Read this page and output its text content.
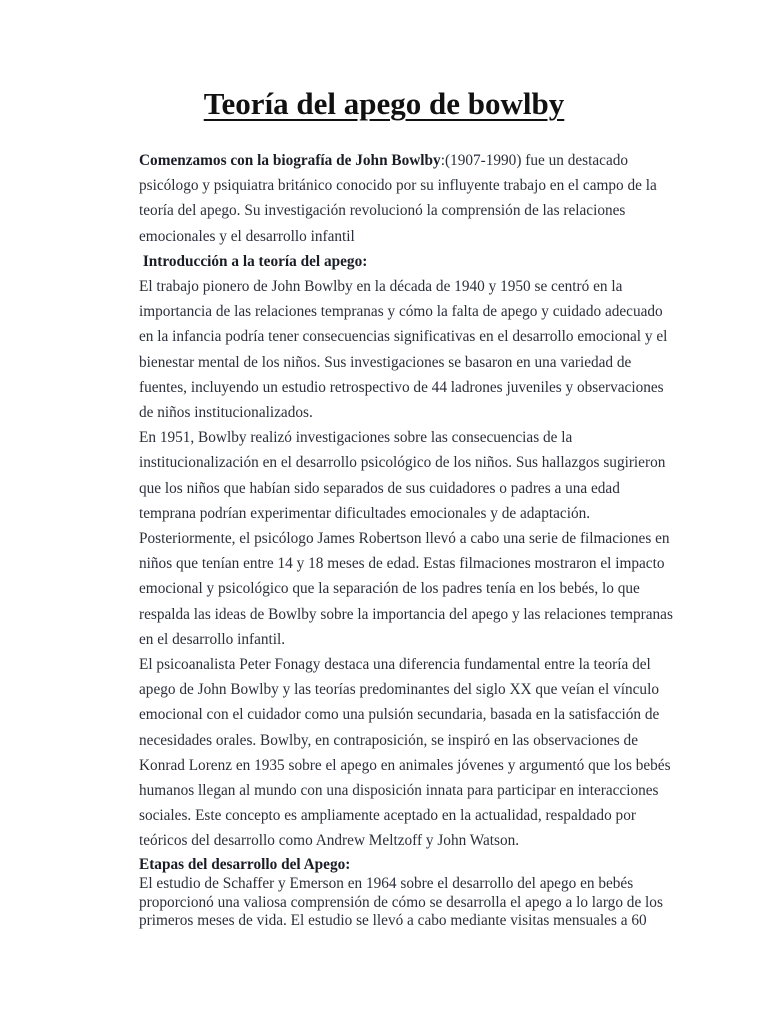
Teoría del apego de bowlby

Comenzamos con la biografía de John Bowlby:(1907-1990) fue un destacado psicólogo y psiquiatra británico conocido por su influyente trabajo en el campo de la teoría del apego. Su investigación revolucionó la comprensión de las relaciones emocionales y el desarrollo infantil

Introducción a la teoría del apego:

El trabajo pionero de John Bowlby en la década de 1940 y 1950 se centró en la importancia de las relaciones tempranas y cómo la falta de apego y cuidado adecuado en la infancia podría tener consecuencias significativas en el desarrollo emocional y el bienestar mental de los niños. Sus investigaciones se basaron en una variedad de fuentes, incluyendo un estudio retrospectivo de 44 ladrones juveniles y observaciones de niños institucionalizados.

En 1951, Bowlby realizó investigaciones sobre las consecuencias de la institucionalización en el desarrollo psicológico de los niños. Sus hallazgos sugirieron que los niños que habían sido separados de sus cuidadores o padres a una edad temprana podrían experimentar dificultades emocionales y de adaptación. Posteriormente, el psicólogo James Robertson llevó a cabo una serie de filmaciones en niños que tenían entre 14 y 18 meses de edad. Estas filmaciones mostraron el impacto emocional y psicológico que la separación de los padres tenía en los bebés, lo que respalda las ideas de Bowlby sobre la importancia del apego y las relaciones tempranas en el desarrollo infantil.

El psicoanalista Peter Fonagy destaca una diferencia fundamental entre la teoría del apego de John Bowlby y las teorías predominantes del siglo XX que veían el vínculo emocional con el cuidador como una pulsión secundaria, basada en la satisfacción de necesidades orales. Bowlby, en contraposición, se inspiró en las observaciones de Konrad Lorenz en 1935 sobre el apego en animales jóvenes y argumentó que los bebés humanos llegan al mundo con una disposición innata para participar en interacciones sociales. Este concepto es ampliamente aceptado en la actualidad, respaldado por teóricos del desarrollo como Andrew Meltzoff y John Watson.

Etapas del desarrollo del Apego:

El estudio de Schaffer y Emerson en 1964 sobre el desarrollo del apego en bebés proporcionó una valiosa comprensión de cómo se desarrolla el apego a lo largo de los primeros meses de vida. El estudio se llevó a cabo mediante visitas mensuales a 60
